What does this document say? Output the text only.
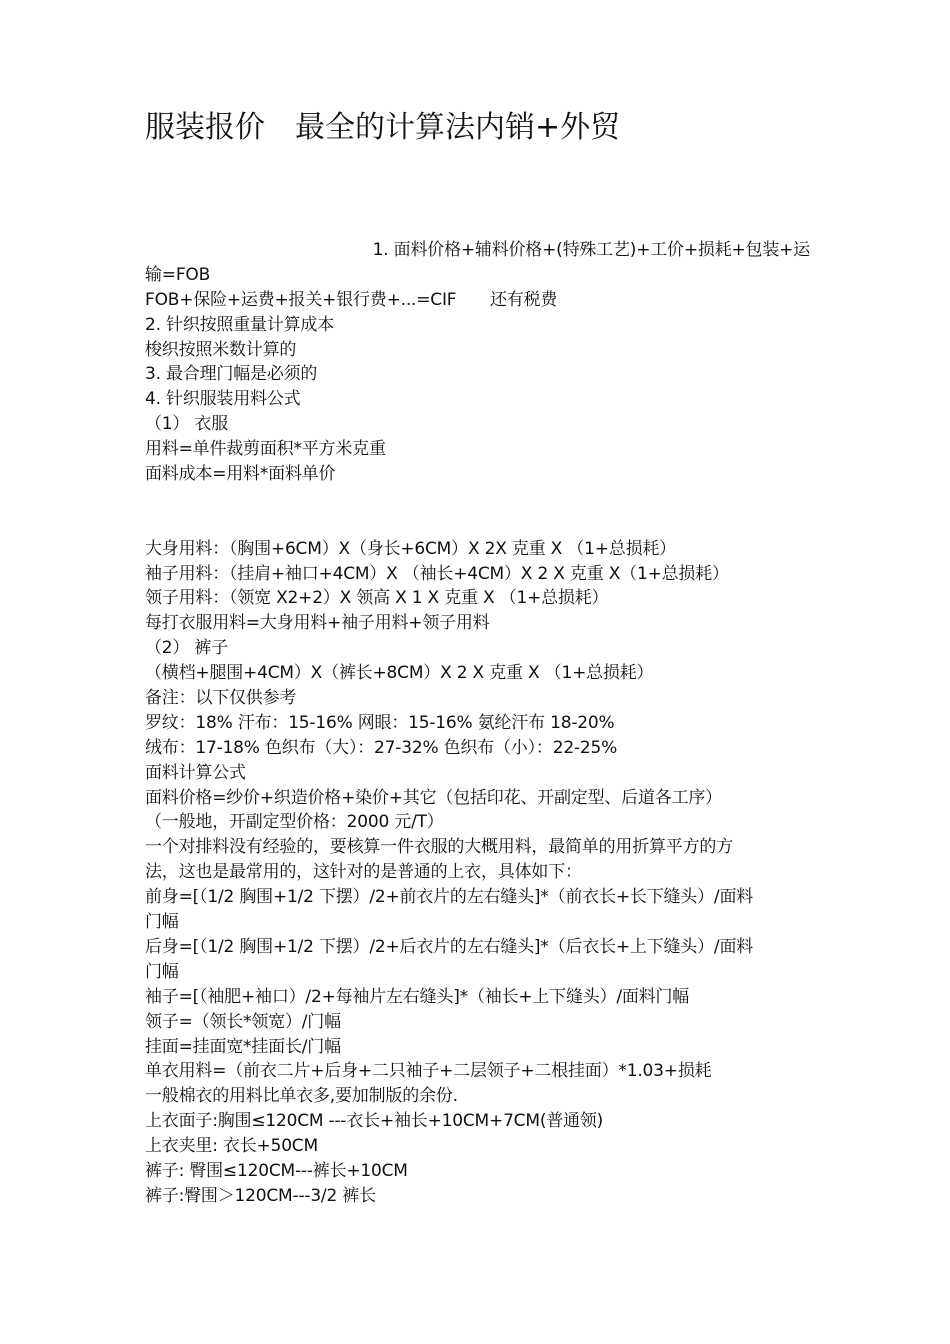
服装报价　最全的计算法内销+外贸
1. 面料价格+辅料价格+(特殊工艺)+工价+损耗+包装+运
输=FOB
FOB+保险+运费+报关+银行费+...=CIF　　还有税费
2. 针织按照重量计算成本
梭织按照米数计算的
3. 最合理门幅是必须的
4. 针织服装用料公式
（1） 衣服
用料=单件裁剪面积*平方米克重
面料成本=用料*面料单价
大身用料：（胸围+6CM）X（身长+6CM）X 2X 克重 X （1+总损耗）
袖子用料：（挂肩+袖口+4CM）X （袖长+4CM）X 2 X 克重 X（1+总损耗）
领子用料：（领宽 X2+2）X 领高 X 1 X 克重 X （1+总损耗）
每打衣服用料=大身用料+袖子用料+领子用料
（2） 裤子
（横档+腿围+4CM）X（裤长+8CM）X 2 X 克重 X （1+总损耗）
备注：以下仅供参考
罗纹：18% 汗布：15-16% 网眼：15-16% 氨纶汗布 18-20%
绒布：17-18% 色织布（大）：27-32% 色织布（小）：22-25%
面料计算公式
面料价格=纱价+织造价格+染价+其它（包括印花、开副定型、后道各工序）
（一般地，开副定型价格：2000 元/T）
一个对排料没有经验的，要核算一件衣服的大概用料，最简单的用折算平方的方
法，这也是最常用的，这针对的是普通的上衣，具体如下：
前身=[（1/2 胸围+1/2 下摆）/2+前衣片的左右缝头]*（前衣长+长下缝头）/面料
门幅
后身=[（1/2 胸围+1/2 下摆）/2+后衣片的左右缝头]*（后衣长+上下缝头）/面料
门幅
袖子=[（袖肥+袖口）/2+每袖片左右缝头]*（袖长+上下缝头）/面料门幅
领子=（领长*领宽）/门幅
挂面=挂面宽*挂面长/门幅
单衣用料=（前衣二片+后身+二只袖子+二层领子+二根挂面）*1.03+损耗
一般棉衣的用料比单衣多,要加制版的余份.
上衣面子:胸围≤120CM ---衣长+袖长+10CM+7CM(普通领)
上衣夹里: 衣长+50CM
裤子: 臀围≤120CM---裤长+10CM
裤子:臀围＞120CM---3/2 裤长
